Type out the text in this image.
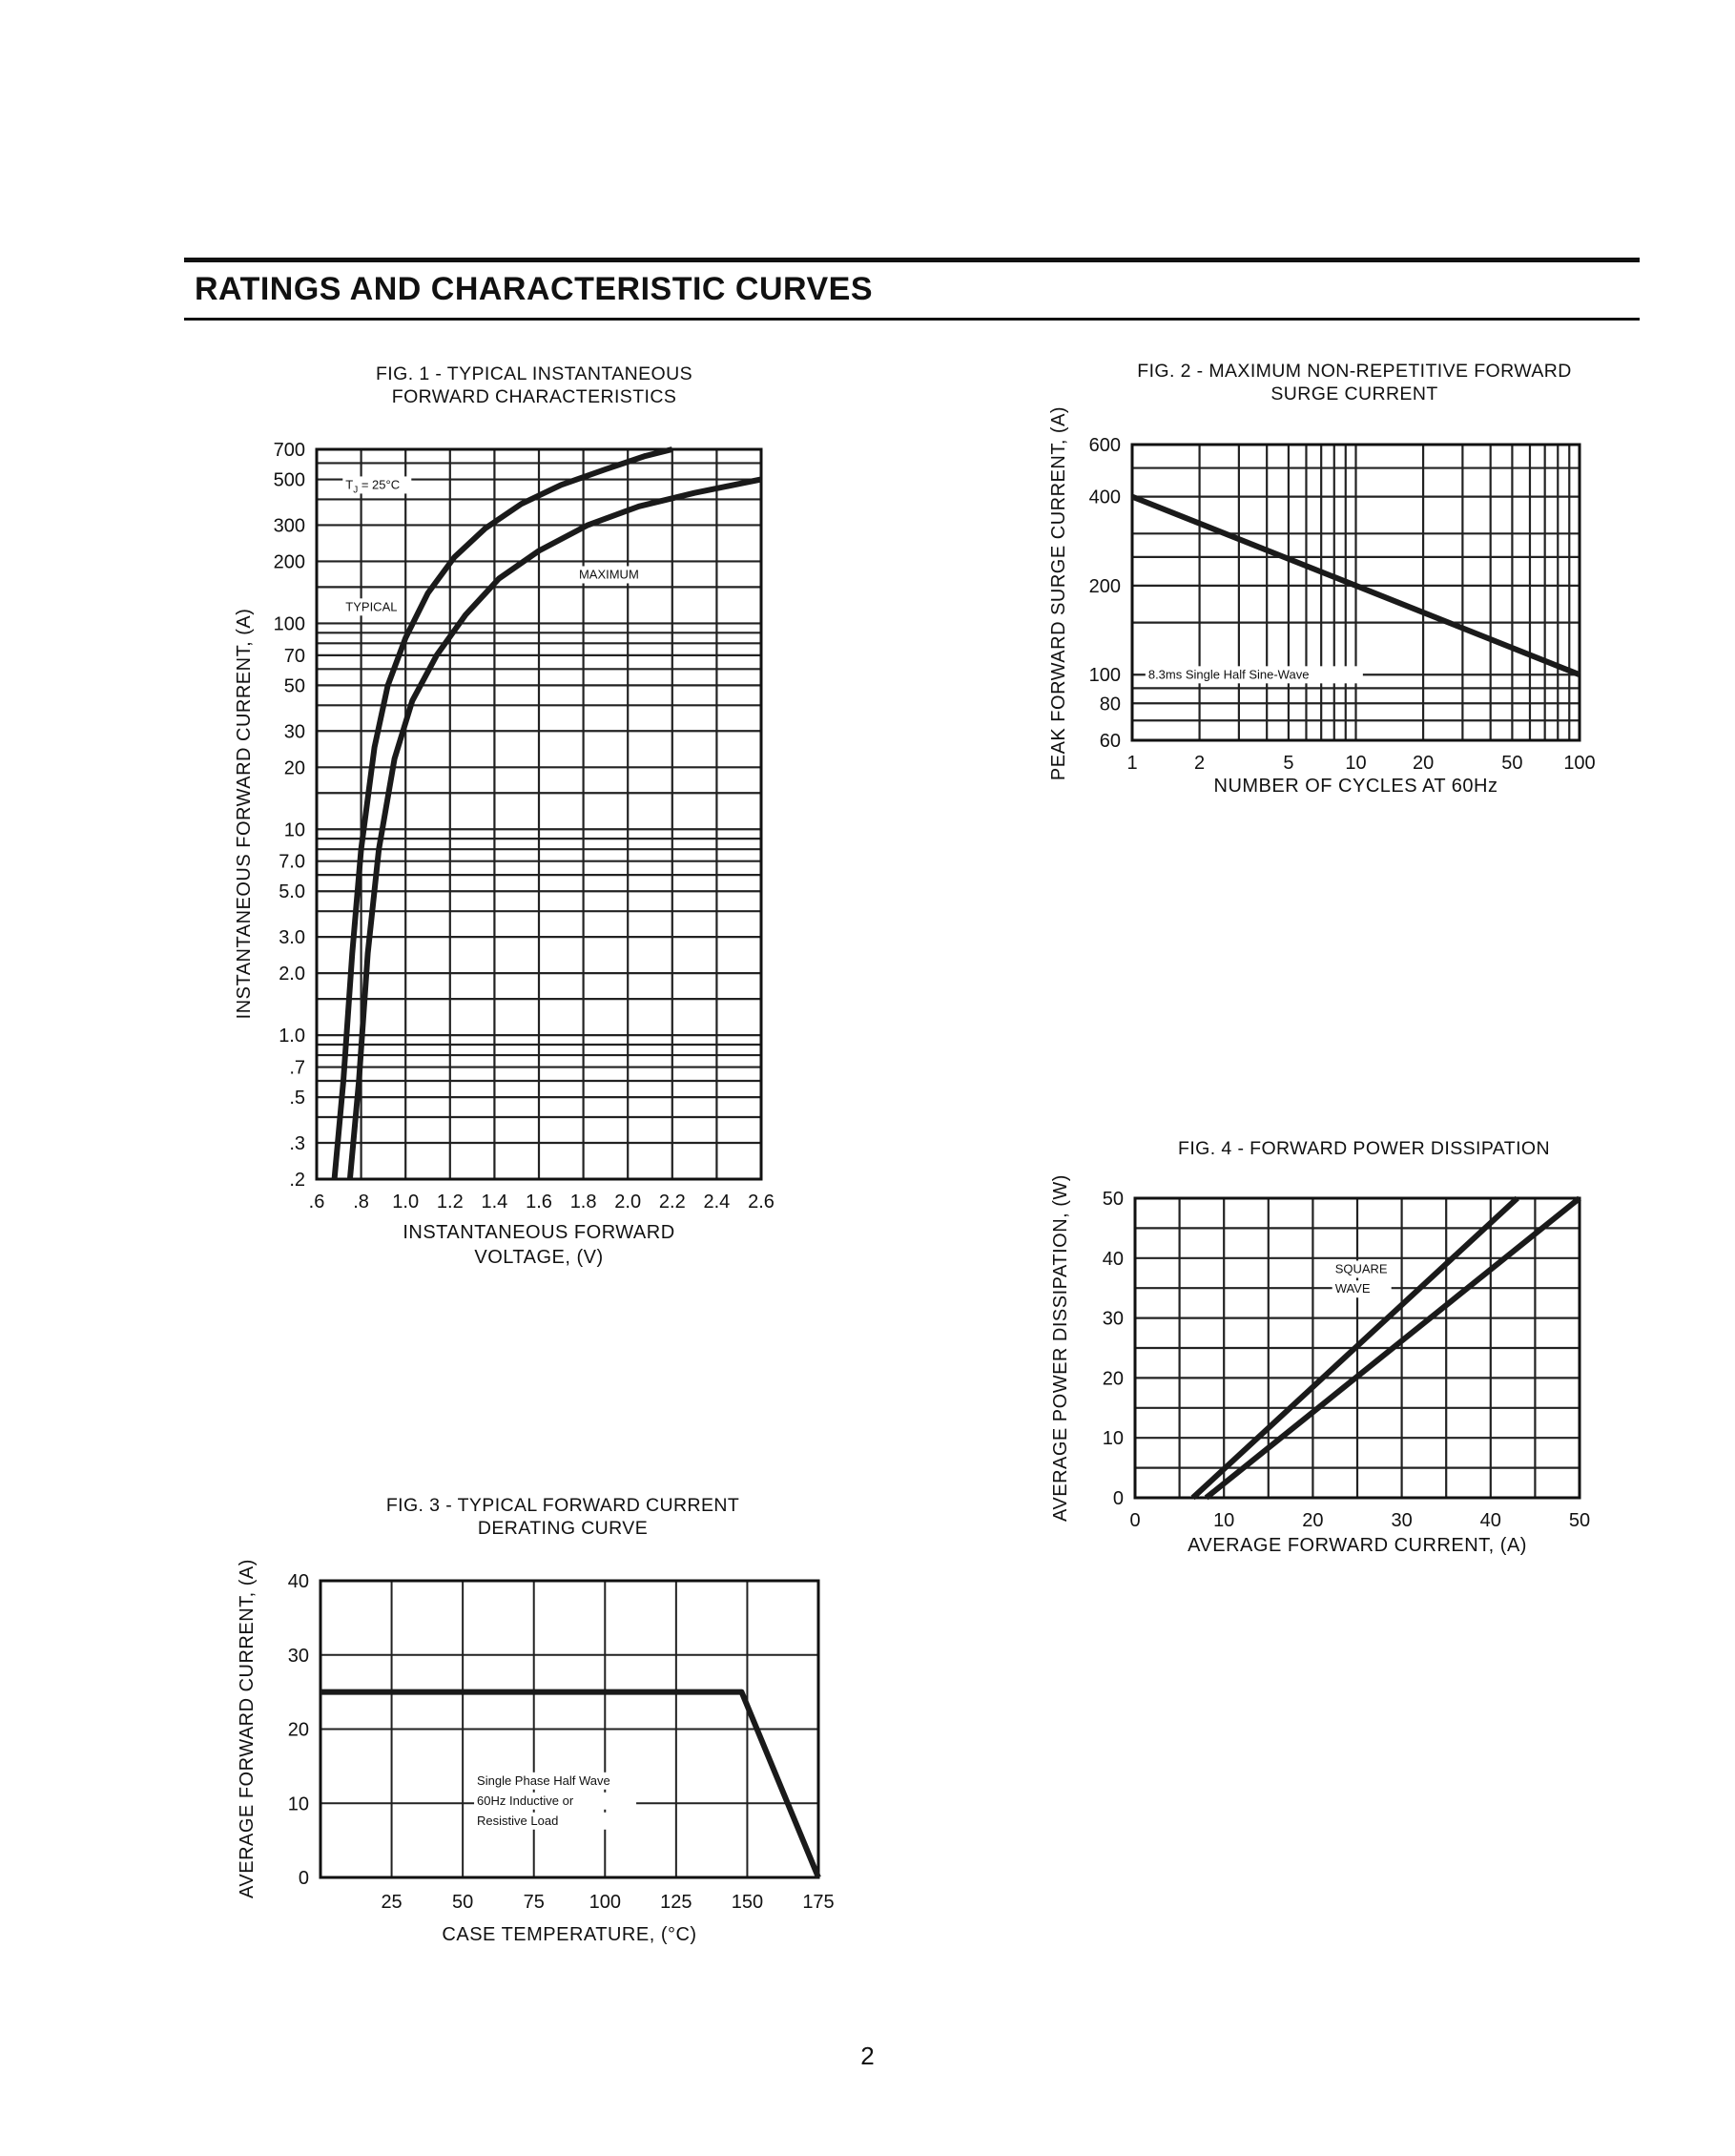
RATINGS AND CHARACTERISTIC CURVES
FIG. 1 - TYPICAL INSTANTANEOUS
FORWARD CHARACTERISTICS
FIG. 2 - MAXIMUM NON-REPETITIVE FORWARD
SURGE CURRENT
FIG. 3 - TYPICAL FORWARD CURRENT
DERATING CURVE
FIG. 4 - FORWARD POWER DISSIPATION
.6 .8 1.0 1.2 1.4 1.6 1.8 2.0 2.2 2.4 2.6
700
500
300
200
100
70
50
30
20
10
7.0
5.0
3.0
2.0
1.0
.7
.5
.3
.2
$T_J = 25^\circ C$
TYPICAL
MAXIMUM
INSTANTANEOUS FORWARD CURRENT, (A)
INSTANTANEOUS FORWARD
VOLTAGE, (V)
1	2	5	10 20	50 100
600
400
200
100
80
60
8.3ms Single Half Sine-Wave
PEAK FORWARD SURGE CURRENT, (A)
NUMBER OF CYCLES AT 60Hz
25	50	75 100 125 150 175
40
30
20
10
0
Single Phase Half Wave
60Hz Inductive or
Resistive Load
AVERAGE FORWARD CURRENT, (A)
CASE TEMPERATURE, (°C)
0	10	20	30	40	50
50
40
30
20
10
0
SQUARE
WAVE
AVERAGE POWER DISSIPATION, (W)
AVERAGE FORWARD CURRENT, (A)
2
